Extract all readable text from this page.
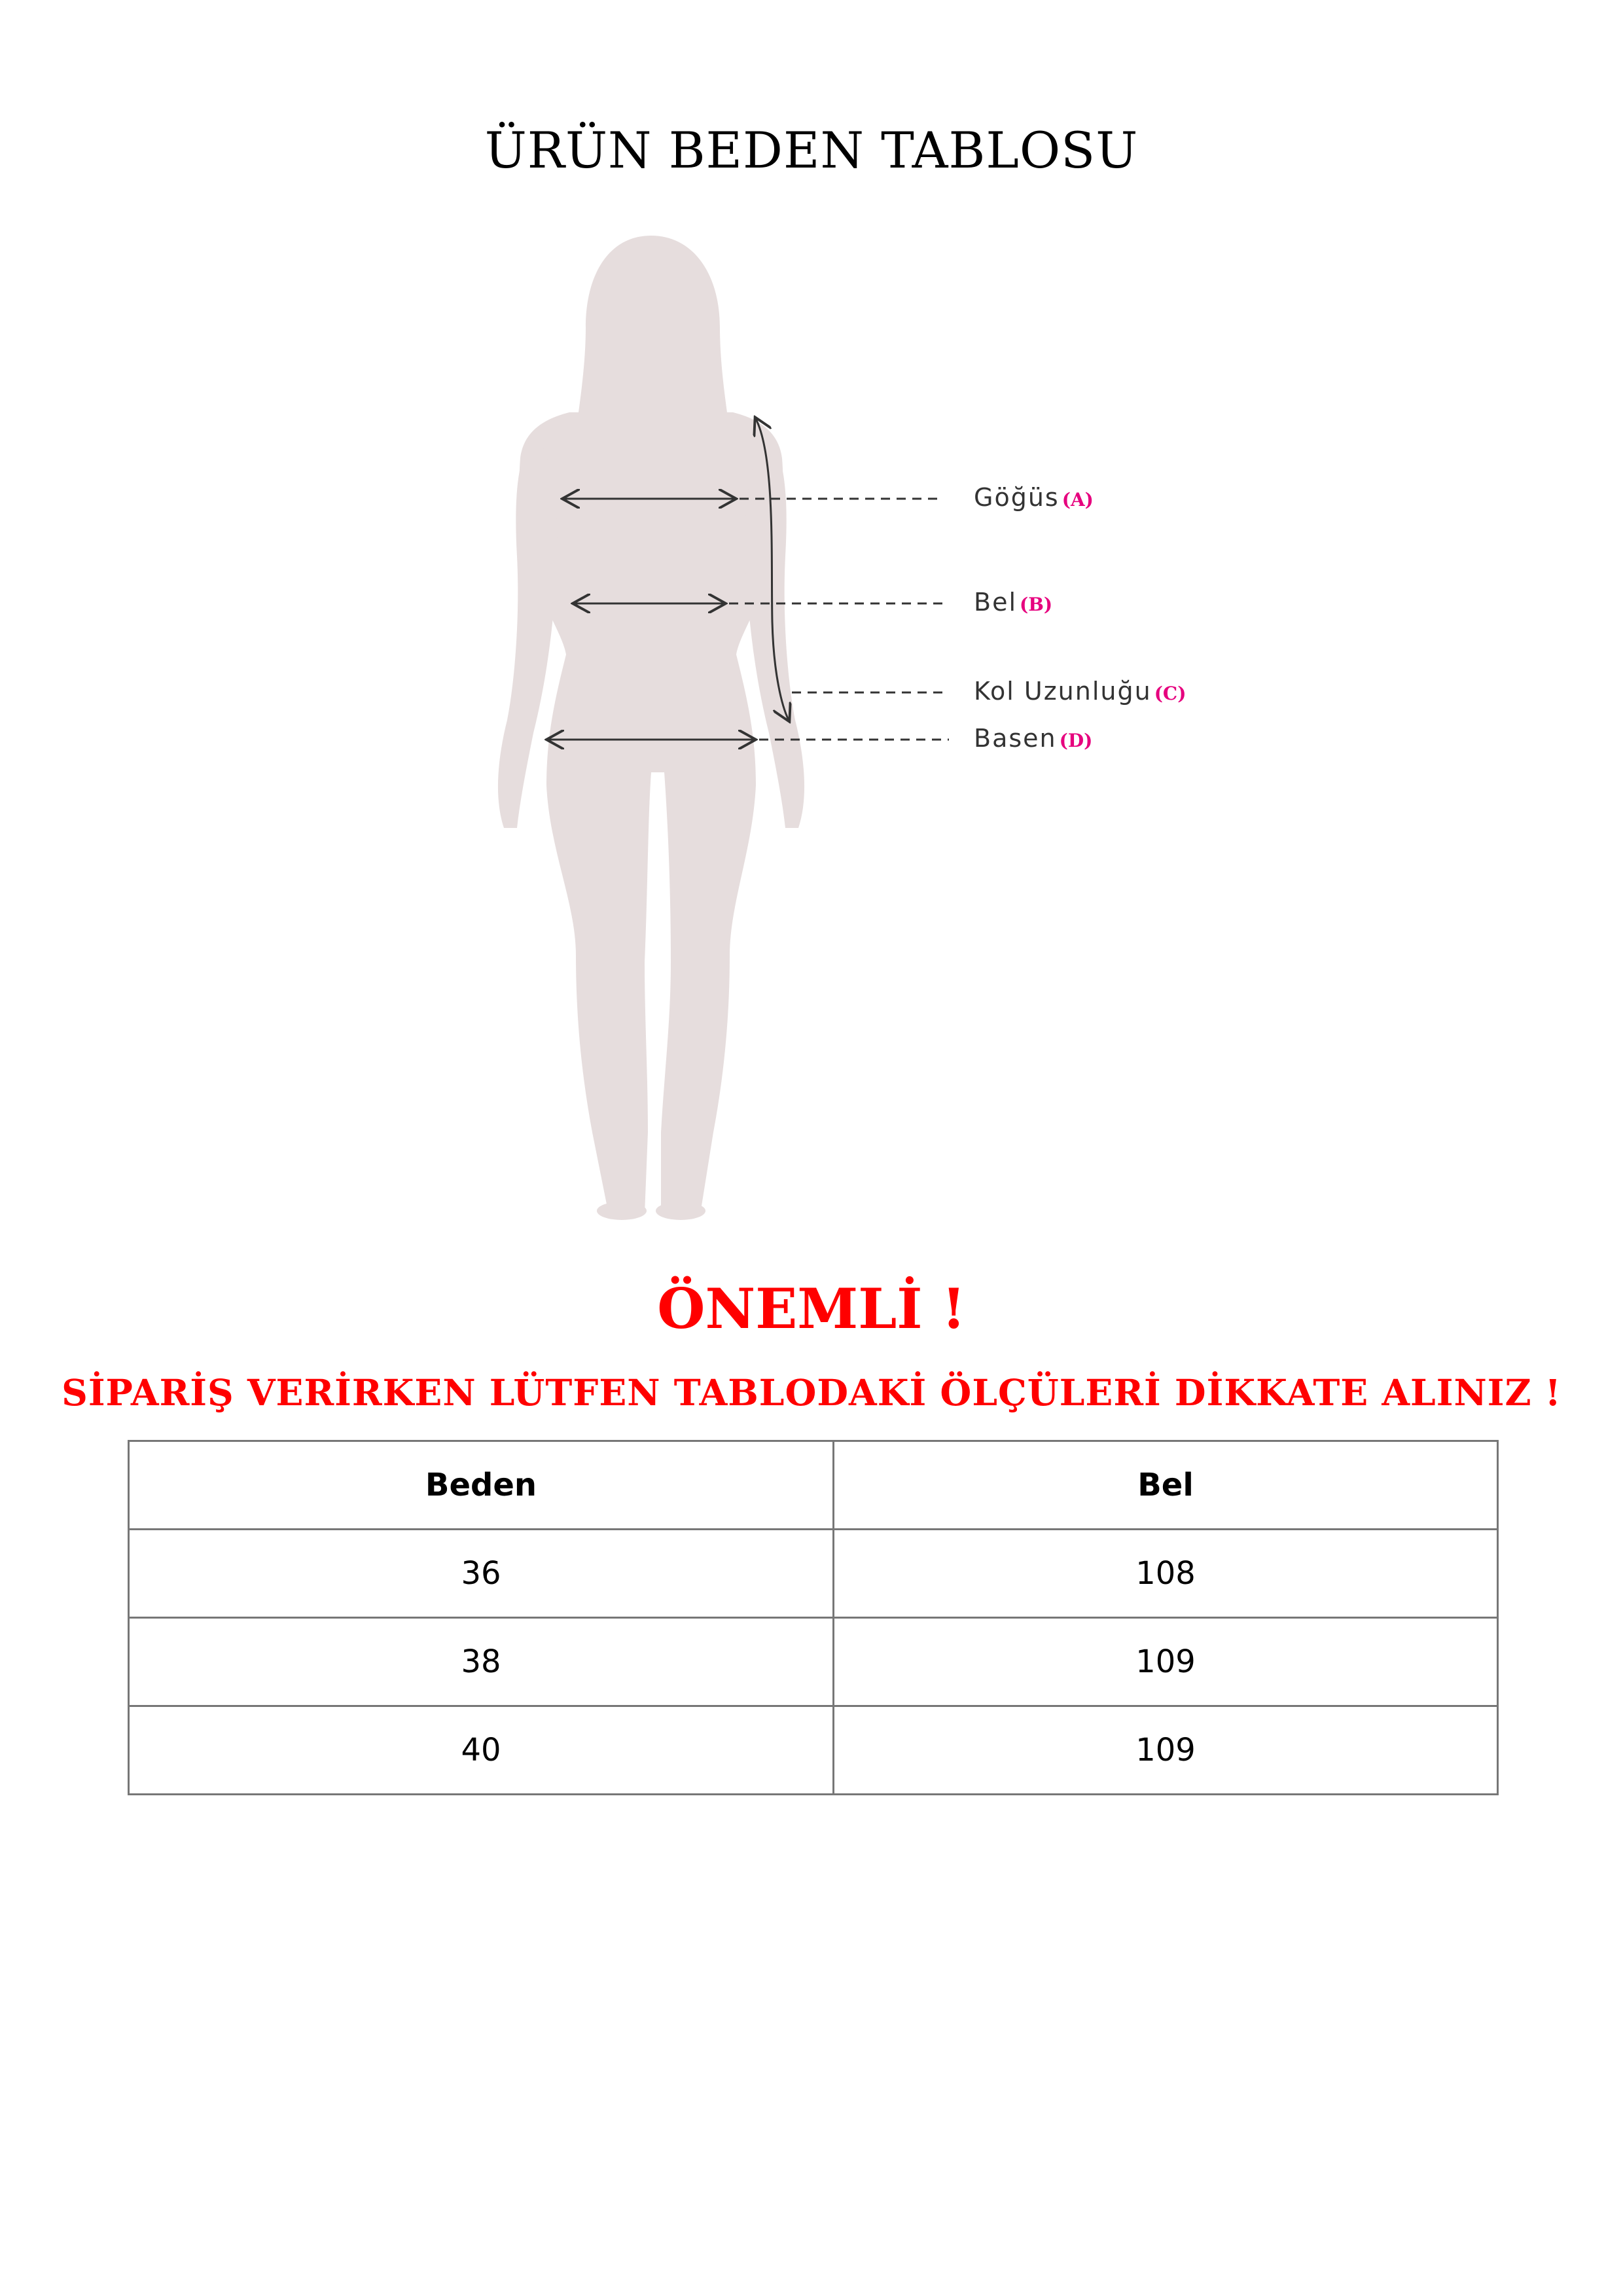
ÜRÜN BEDEN TABLOSU
Göğüs (A)
Bel (B)
Kol Uzunluğu (C)
Basen (D)
ÖNEMLİ !
SİPARİŞ VERİRKEN LÜTFEN TABLODAKİ ÖLÇÜLERİ DİKKATE ALINIZ !
Beden	Bel
36	108
38	109
40	109
